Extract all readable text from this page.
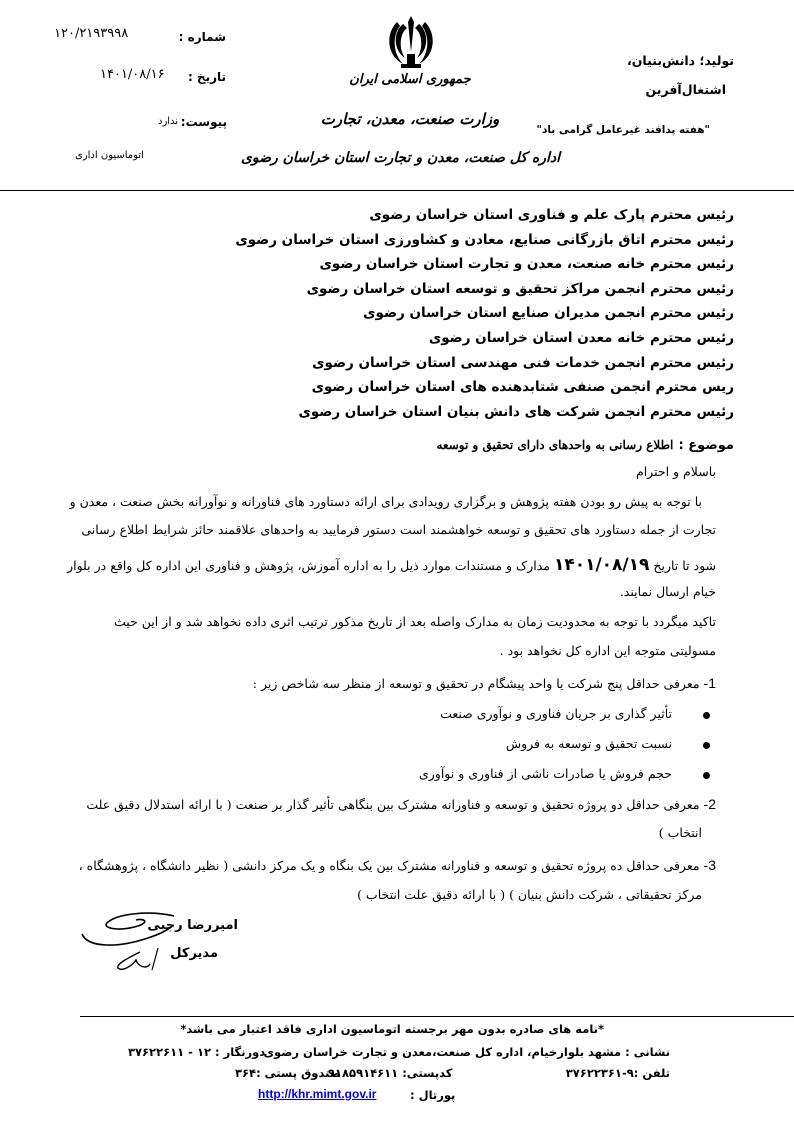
۱۲۰/۲۱۹۳۹۹۸	شماره :
۱۴۰۱/۰۸/۱۶	تاریخ :
ندارد پیوست:
اتوماسیون اداری
جمهوری اسلامی ایران
وزارت صنعت، معدن، تجارت
اداره کل صنعت، معدن و تجارت استان خراسان رضوی
تولید؛ دانش‌بنیان،
اشتغال‌آفرین
"هفته پدافند غیرعامل گرامی باد"
رئیس محترم پارک علم و فناوری استان خراسان رضوی
رئیس محترم اتاق بازرگانی صنایع، معادن و کشاورزی استان خراسان رضوی
رئیس محترم خانه صنعت، معدن و تجارت استان خراسان رضوی
رئیس محترم انجمن مراکز تحقیق و توسعه استان خراسان رضوی
رئیس محترم انجمن مدیران صنایع استان خراسان رضوی
رئیس محترم خانه معدن استان خراسان رضوی
رئیس محترم انجمن خدمات فنی مهندسی استان خراسان رضوی
ریس محترم انجمن صنفی شتابدهنده های استان خراسان رضوی
رئیس محترم انجمن شرکت های دانش بنیان استان خراسان رضوی
موضوع : اطلاع رسانی به واحدهای دارای تحقیق و توسعه
باسلام و احترام
با توجه به پیش رو بودن هفته پژوهش و برگزاری رویدادی برای ارائه دستاورد های فناورانه و نوآورانه بخش صنعت ، معدن و
تجارت از جمله دستاورد های تحقیق و توسعه خواهشمند است دستور فرمایید به واحدهای علاقمند حائز شرایط اطلاع رسانی
شود تا تاریخ ۱۴۰۱/۰۸/۱۹ مدارک و مستندات موارد ذیل را به اداره آموزش، پژوهش و فناوری این اداره کل واقع در بلوار
خیام ارسال نمایند.
تاکید میگردد با توجه به محدودیت زمان به مدارک واصله بعد از تاریخ مذکور ترتیب اثری داده نخواهد شد و از این حیث
مسولیتی متوجه این اداره کل نخواهد بود .
1- معرفی حداقل پنج شرکت یا واحد پیشگام در تحقیق و توسعه از منظر سه شاخص زیر :
تأثیر گذاری بر جریان فناوری و نوآوری صنعت
نسبت تحقیق و توسعه به فروش
حجم فروش یا صادرات ناشی از فناوری و نوآوری
2- معرفی حداقل دو پروژه تحقیق و توسعه و فناورانه مشترک بین بنگاهی تأثیر گذار بر صنعت ( با ارائه استدلال دقیق علت
انتخاب )
3- معرفی حداقل ده پروژه تحقیق و توسعه و فناورانه مشترک بین یک بنگاه و یک مرکز دانشی ( نظیر دانشگاه ، پژوهشگاه ،
مرکز تحقیقاتی ، شرکت دانش بنیان ) ( با ارائه دقیق علت انتخاب )
امیررضا رجبی
مدیرکل
*نامه های صادره بدون مهر برجسته اتوماسیون اداری فاقد اعتبار می باشد*
نشانی : مشهد بلوارخیام، اداره کل صنعت،معدن و تجارت خراسان رضوی
دورنگار : ۱۲ - ۳۷۶۲۲۶۱۱
تلفن :۹-۳۷۶۲۲۳۶۱
کدپستی: ۹۱۸۵۹۱۴۶۱۱
صندوق پستی :۳۶۴
پورتال :
http://khr.mimt.gov.ir
